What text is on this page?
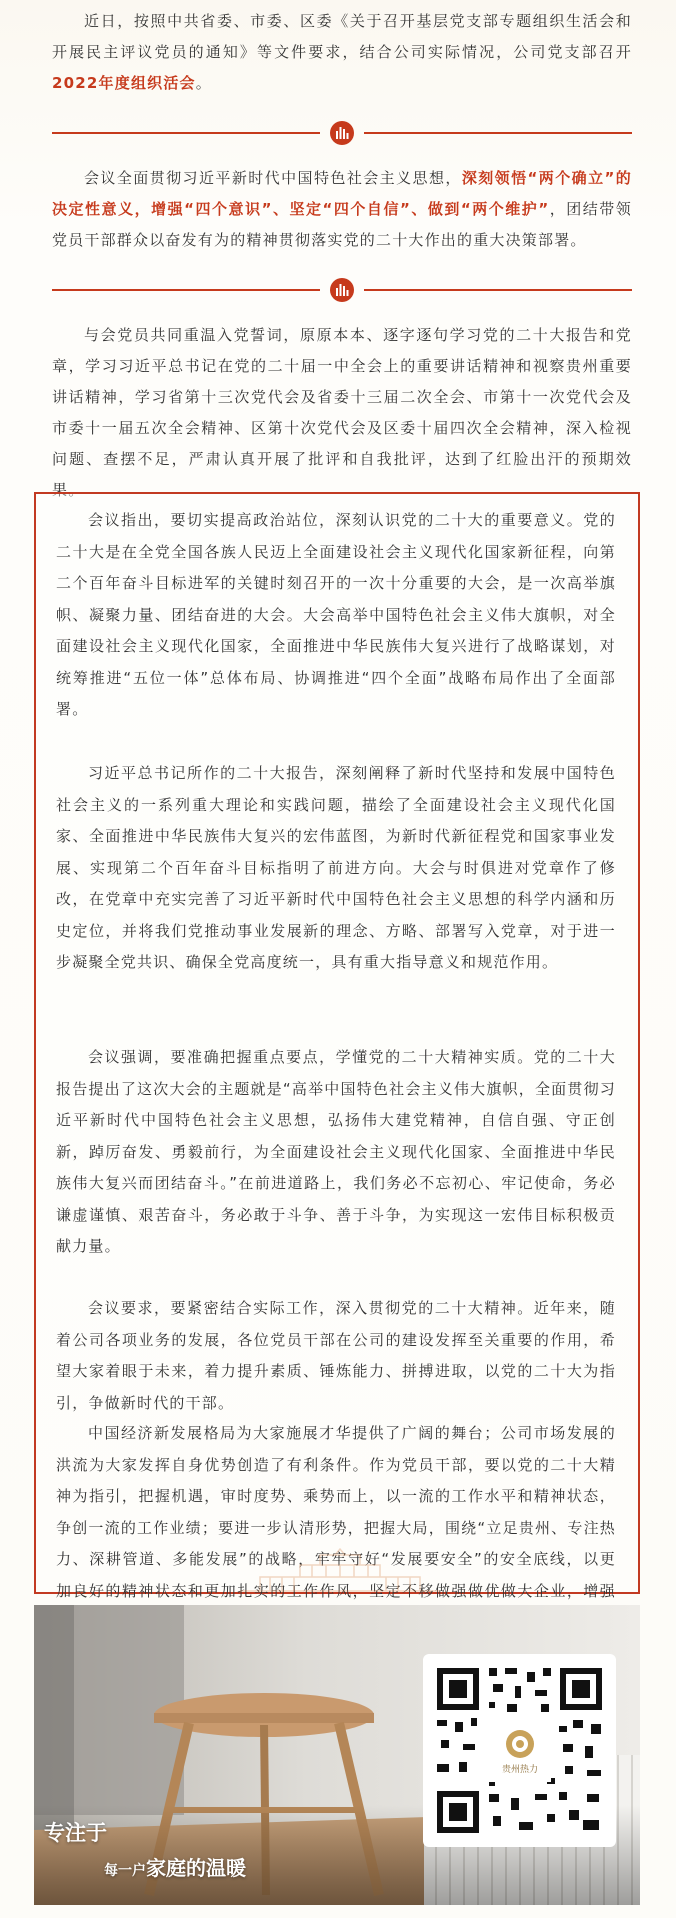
近日，按照中共省委、市委、区委《关于召开基层党支部专题组织生活会和开展民主评议党员的通知》等文件要求，结合公司实际情况，公司党支部召开2022年度组织活会。

会议全面贯彻习近平新时代中国特色社会主义思想，深刻领悟“两个确立”的决定性意义，增强“四个意识”、坚定“四个自信”、做到“两个维护”，团结带领党员干部群众以奋发有为的精神贯彻落实党的二十大作出的重大决策部署。

与会党员共同重温入党誓词，原原本本、逐字逐句学习党的二十大报告和党章，学习习近平总书记在党的二十届一中全会上的重要讲话精神和视察贵州重要讲话精神，学习省第十三次党代会及省委十三届二次全会、市第十一次党代会及市委十一届五次全会精神、区第十次党代会及区委十届四次全会精神，深入检视问题、查摆不足，严肃认真开展了批评和自我批评，达到了红脸出汗的预期效果。

会议指出，要切实提高政治站位，深刻认识党的二十大的重要意义。党的二十大是在全党全国各族人民迈上全面建设社会主义现代化国家新征程，向第二个百年奋斗目标进军的关键时刻召开的一次十分重要的大会，是一次高举旗帜、凝聚力量、团结奋进的大会。大会高举中国特色社会主义伟大旗帜，对全面建设社会主义现代化国家，全面推进中华民族伟大复兴进行了战略谋划，对统筹推进“五位一体”总体布局、协调推进“四个全面”战略布局作出了全面部署。

习近平总书记所作的二十大报告，深刻阐释了新时代坚持和发展中国特色社会主义的一系列重大理论和实践问题，描绘了全面建设社会主义现代化国家、全面推进中华民族伟大复兴的宏伟蓝图，为新时代新征程党和国家事业发展、实现第二个百年奋斗目标指明了前进方向。大会与时俱进对党章作了修改，在党章中充实完善了习近平新时代中国特色社会主义思想的科学内涵和历史定位，并将我们党推动事业发展新的理念、方略、部署写入党章，对于进一步凝聚全党共识、确保全党高度统一，具有重大指导意义和规范作用。

会议强调，要准确把握重点要点，学懂党的二十大精神实质。党的二十大报告提出了这次大会的主题就是“高举中国特色社会主义伟大旗帜，全面贯彻习近平新时代中国特色社会主义思想，弘扬伟大建党精神，自信自强、守正创新，踔厉奋发、勇毅前行，为全面建设社会主义现代化国家、全面推进中华民族伟大复兴而团结奋斗。”在前进道路上，我们务必不忘初心、牢记使命，务必谦虚谨慎、艰苦奋斗，务必敢于斗争、善于斗争，为实现这一宏伟目标积极贡献力量。

会议要求，要紧密结合实际工作，深入贯彻党的二十大精神。近年来，随着公司各项业务的发展，各位党员干部在公司的建设发挥至关重要的作用，希望大家着眼于未来，着力提升素质、锤炼能力、拼搏进取，以党的二十大为指引，争做新时代的干部。

中国经济新发展格局为大家施展才华提供了广阔的舞台；公司市场发展的洪流为大家发挥自身优势创造了有利条件。作为党员干部，要以党的二十大精神为指引，把握机遇，审时度势、乘势而上，以一流的工作水平和精神状态，争创一流的工作业绩；要进一步认清形势，把握大局，围绕“立足贵州、专注热力、深耕管道、多能发展”的战略，牢牢守好“发展要安全”的安全底线，以更加良好的精神状态和更加扎实的工作作风，坚定不移做强做优做大企业，增强

专注于
每一户家庭的温暖
贵州热力
